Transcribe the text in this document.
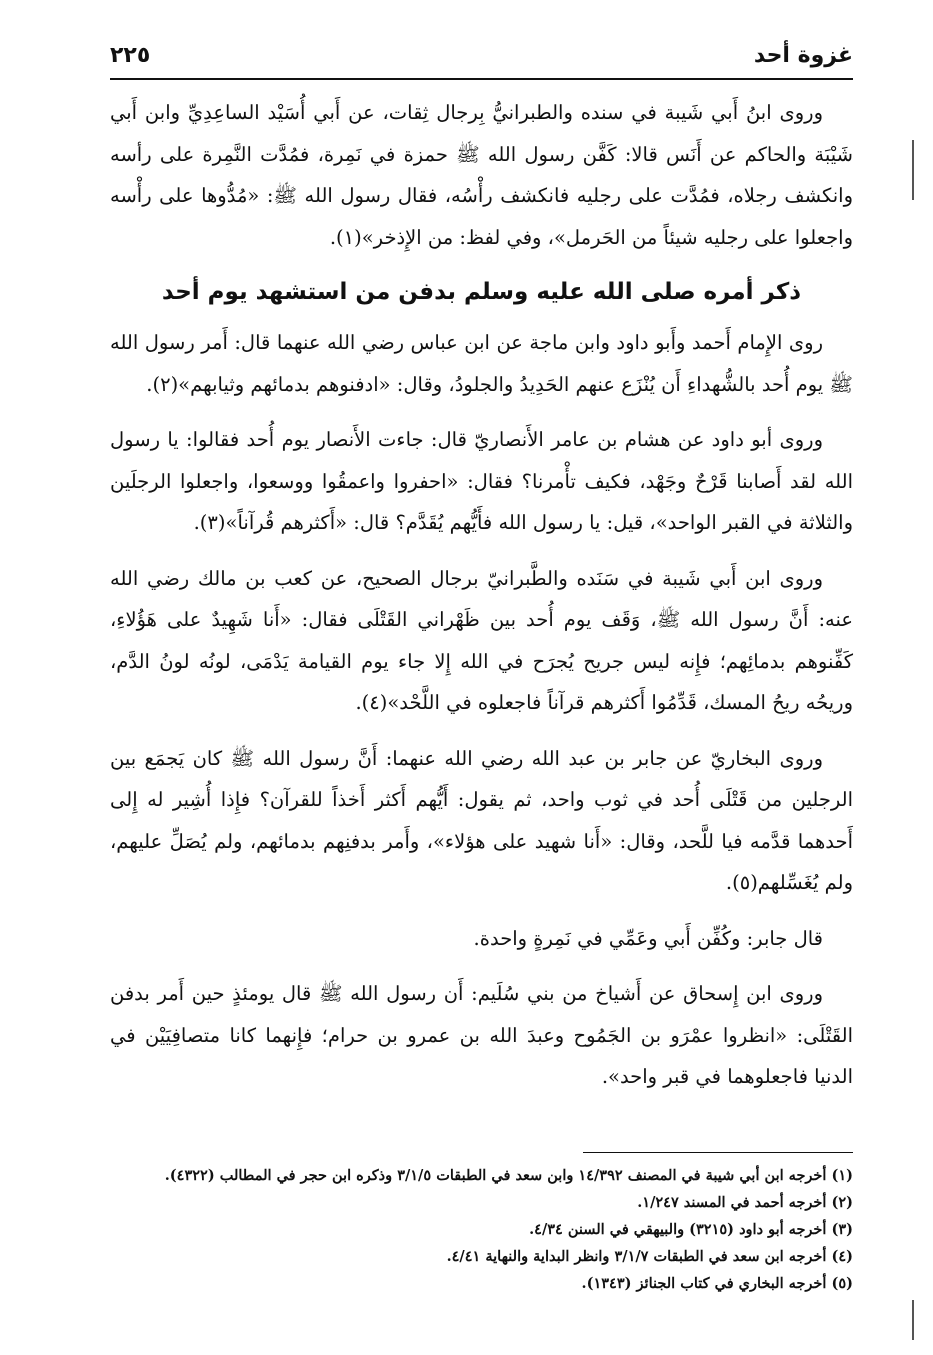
غزوة أحد
٢٢٥

وروى ابنُ أَبي شَيبة في سنده والطبرانيُّ بِرجال ثِقات، عن أَبي أُسَيْد الساعِدِيِّ وابن أَبي شَيْبَة والحاكم عن أَنَس قالا: كَفَّن رسول الله ﷺ حمزة في نَمِرة، فمُدَّت النَّمِرة على رأسه وانكشف رجلاه، فمُدَّت على رجليه فانكشف رأْسُه، فقال رسول الله ﷺ: «مُدُّوها على رأْسه واجعلوا على رجليه شيئاً من الحَرمل»، وفي لفظ: من الإِذخر»(١).

ذكر أمره صلى الله عليه وسلم بدفن من استشهد يوم أحد

روى الإِمام أَحمد وأَبو داود وابن ماجة عن ابن عباس رضي الله عنهما قال: أَمر رسول الله ﷺ يوم أُحد بالشُّهداءِ أَن يُنْزَع عنهم الحَدِيدُ والجلودُ، وقال: «ادفنوهم بدمائهم وثيابهم»(٢).

وروى أبو داود عن هشام بن عامر الأَنصاريّ قال: جاءت الأَنصار يوم أُحد فقالوا: يا رسول الله لقد أَصابنا قَرْحٌ وجَهْد، فكيف تأْمرنا؟ فقال: «احفروا واعمقُوا ووسعوا، واجعلوا الرجلَين والثلاثة في القبر الواحد»، قيل: يا رسول الله فأَيُّهم يُقَدَّم؟ قال: «أَكثرهم قُرآناً»(٣).

وروى ابن أَبي شَيبة في سَنَده والطَّبرانيّ برجال الصحيح، عن كعب بن مالك رضي الله عنه: أَنَّ رسول الله ﷺ، وَقَف يوم أُحد بين ظَهْراني القَتْلَى فقال: «أَنا شَهِيدٌ على هَؤُلاءِ، كَفِّنوهم بدمائِهم؛ فإِنه ليس جريح يُجرَح في الله إِلا جاء يوم القيامة يَدْمَى، لونُه لونُ الدَّم، وريحُه ريحُ المسك، قَدِّمُوا أَكثرهم قرآناً فاجعلوه في اللَّحْد»(٤).

وروى البخاريّ عن جابر بن عبد الله رضي الله عنهما: أَنَّ رسول الله ﷺ كان يَجمَع بين الرجلين من قَتْلَى أُحد في ثوب واحد، ثم يقول: أَيُّهم أَكثر أَخذاً للقرآن؟ فإِذا أُشِير له إِلى أَحدهما قدَّمه فيا للَّحد، وقال: «أَنا شهيد على هؤلاء»، وأَمر بدفنِهم بدمائهم، ولم يُصَلِّ عليهم، ولم يُغَسِّلهم(٥).

قال جابر: وكُفِّن أَبي وعَمِّي في نَمِرةٍ واحدة.

وروى ابن إِسحاق عن أَشياخ من بني سُلَيم: أَن رسول الله ﷺ قال يومئذٍ حين أَمر بدفن القَتْلَى: «انظروا عمْرَو بن الجَمُوح وعبدَ الله بن عمرو بن حرام؛ فإِنهما كانا متصافِيَيْن في الدنيا فاجعلوهما في قبر واحد».

(١) أخرجه ابن أبي شيبة في المصنف ١٤/٣٩٢ وابن سعد في الطبقات ٣/١/٥ وذكره ابن حجر في المطالب (٤٣٢٢).

(٢) أخرجه أحمد في المسند ١/٢٤٧.

(٣) أخرجه أبو داود (٣٢١٥) والبيهقي في السنن ٤/٣٤.

(٤) أخرجه ابن سعد في الطبقات ٣/١/٧ وانظر البداية والنهاية ٤/٤١.

(٥) أخرجه البخاري في كتاب الجنائز (١٣٤٣).
